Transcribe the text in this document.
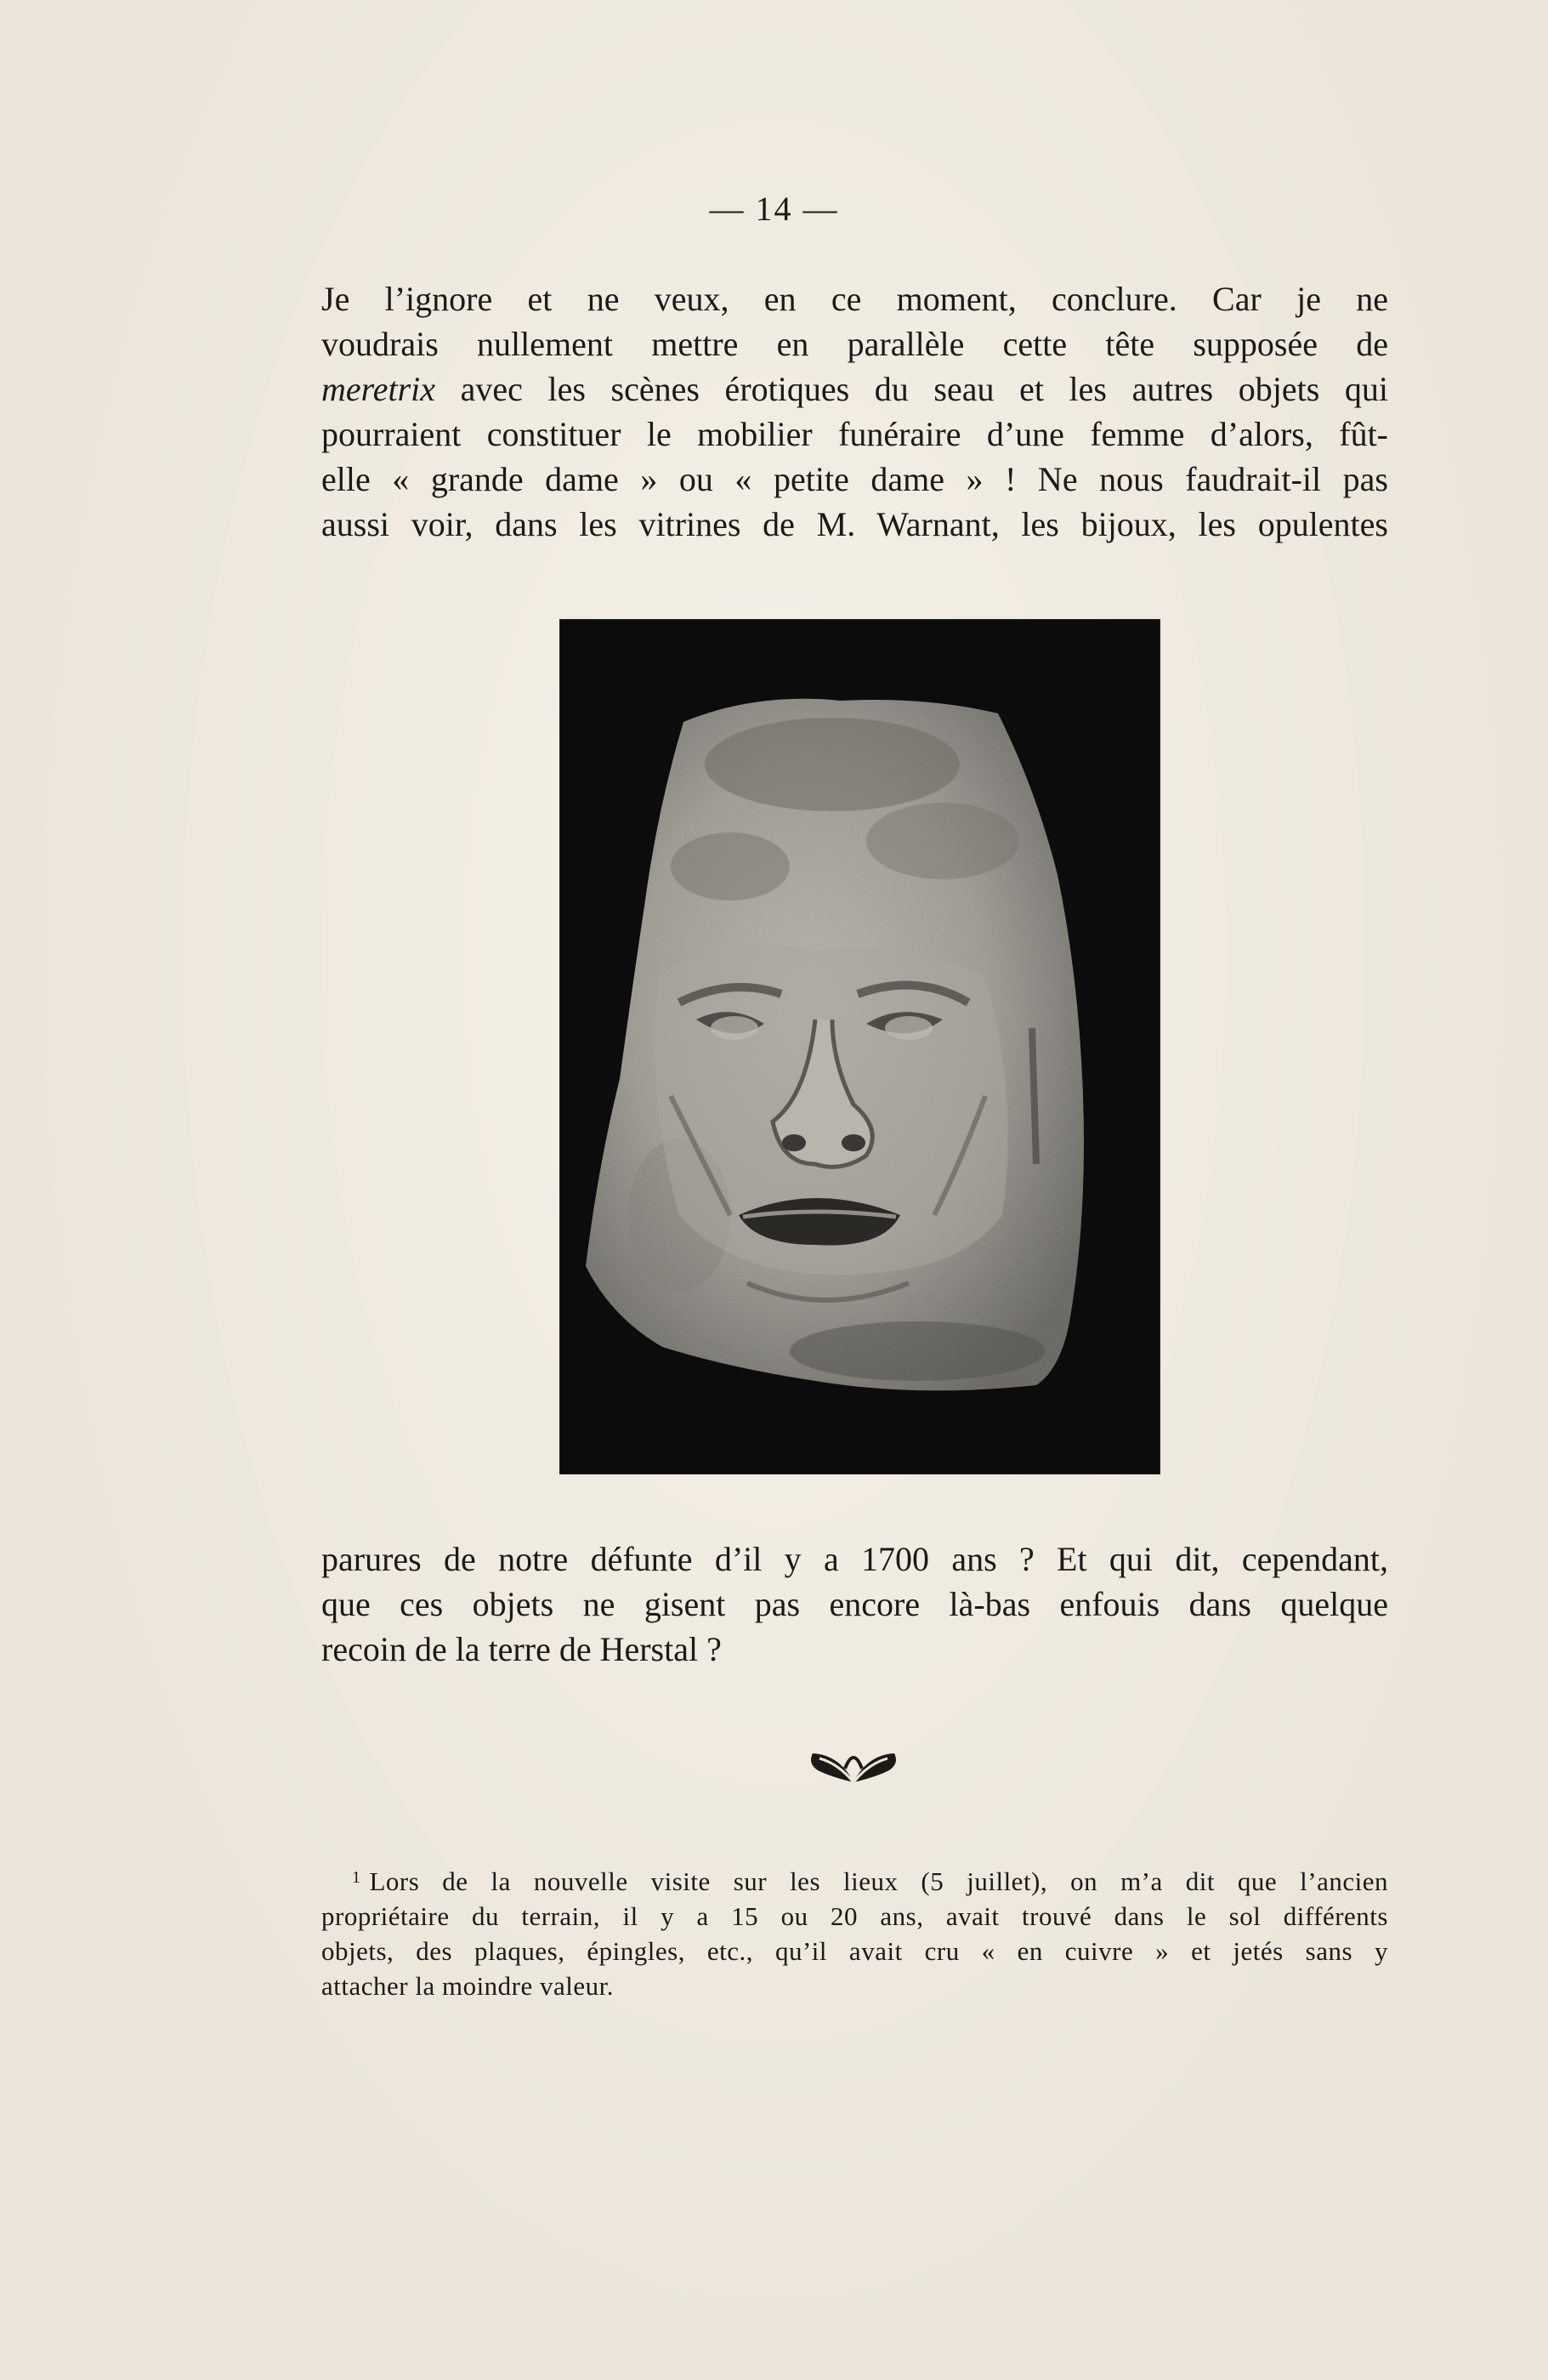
— 14 —
Je l’ignore et ne veux, en ce moment, conclure. Car je ne
voudrais nullement mettre en parallèle cette tête supposée de
meretrix avec les scènes érotiques du seau et les autres objets qui
pourraient constituer le mobilier funéraire d’une femme d’alors, fût-
elle « grande dame » ou « petite dame » ! Ne nous faudrait-il pas
aussi voir, dans les vitrines de M. Warnant, les bijoux, les opulentes
parures de notre défunte d’il y a 1700 ans ? Et qui dit, cependant,
que ces objets ne gisent pas encore là-bas enfouis dans quelque
recoin de la terre de Herstal ?
$^1$ Lors de la nouvelle visite sur les lieux (5 juillet), on m’a dit que l’ancien
propriétaire du terrain, il y a 15 ou 20 ans, avait trouvé dans le sol différents
objets, des plaques, épingles, etc., qu’il avait cru « en cuivre » et jetés sans y
attacher la moindre valeur.
